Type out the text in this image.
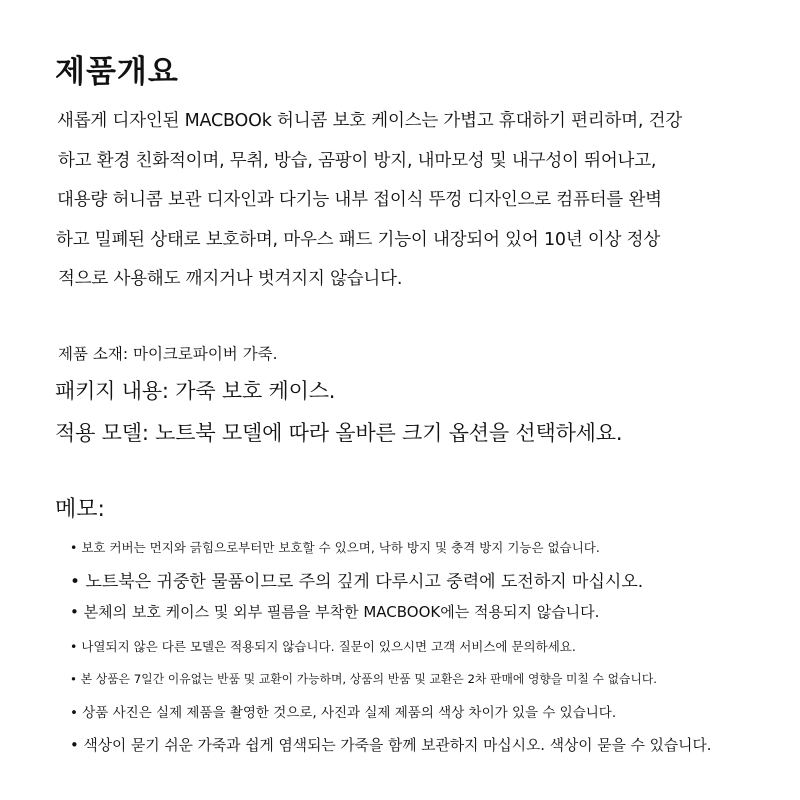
제품개요
새롭게 디자인된 MACBOOk 허니콤 보호 케이스는 가볍고 휴대하기 편리하며, 건강
하고 환경 친화적이며, 무취, 방습, 곰팡이 방지, 내마모성 및 내구성이 뛰어나고,
대용량 허니콤 보관 디자인과 다기능 내부 접이식 뚜껑 디자인으로 컴퓨터를 완벽
하고 밀폐된 상태로 보호하며, 마우스 패드 기능이 내장되어 있어 10년 이상 정상
적으로 사용해도 깨지거나 벗겨지지 않습니다.
제품 소재: 마이크로파이버 가죽.
패키지 내용: 가죽 보호 케이스.
적용 모델: 노트북 모델에 따라 올바른 크기 옵션을 선택하세요.
메모:
• 보호 커버는 먼지와 긁힘으로부터만 보호할 수 있으며, 낙하 방지 및 충격 방지 기능은 없습니다.
• 노트북은 귀중한 물품이므로 주의 깊게 다루시고 중력에 도전하지 마십시오.
• 본체의 보호 케이스 및 외부 필름을 부착한 MACBOOK에는 적용되지 않습니다.
• 나열되지 않은 다른 모델은 적용되지 않습니다. 질문이 있으시면 고객 서비스에 문의하세요.
• 본 상품은 7일간 이유없는 반품 및 교환이 가능하며, 상품의 반품 및 교환은 2차 판매에 영향을 미칠 수 없습니다.
• 상품 사진은 실제 제품을 촬영한 것으로, 사진과 실제 제품의 색상 차이가 있을 수 있습니다.
• 색상이 묻기 쉬운 가죽과 쉽게 염색되는 가죽을 함께 보관하지 마십시오. 색상이 묻을 수 있습니다.
